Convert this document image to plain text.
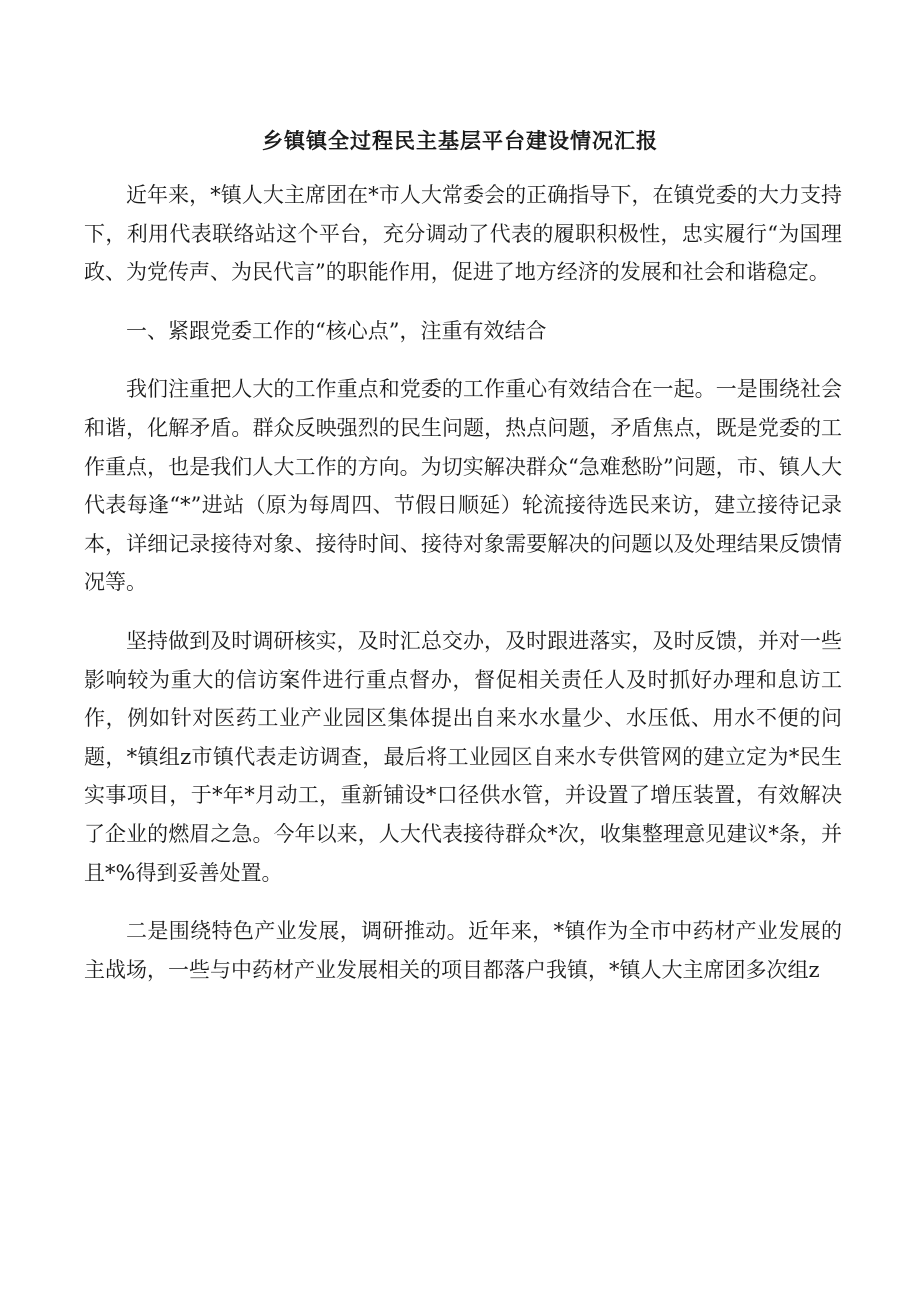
乡镇镇全过程民主基层平台建设情况汇报

近年来，*镇人大主席团在*市人大常委会的正确指导下，在镇党委的大力支持下，利用代表联络站这个平台，充分调动了代表的履职积极性，忠实履行“为国理政、为党传声、为民代言”的职能作用，促进了地方经济的发展和社会和谐稳定。

一、紧跟党委工作的“核心点”，注重有效结合

我们注重把人大的工作重点和党委的工作重心有效结合在一起。一是围绕社会和谐，化解矛盾。群众反映强烈的民生问题，热点问题，矛盾焦点，既是党委的工作重点，也是我们人大工作的方向。为切实解决群众“急难愁盼”问题，市、镇人大代表每逢“*”进站（原为每周四、节假日顺延）轮流接待选民来访，建立接待记录本，详细记录接待对象、接待时间、接待对象需要解决的问题以及处理结果反馈情况等。

坚持做到及时调研核实，及时汇总交办，及时跟进落实，及时反馈，并对一些影响较为重大的信访案件进行重点督办，督促相关责任人及时抓好办理和息访工作，例如针对医药工业产业园区集体提出自来水水量少、水压低、用水不便的问题，*镇组z市镇代表走访调查，最后将工业园区自来水专供管网的建立定为*民生实事项目，于*年*月动工，重新铺设*口径供水管，并设置了增压装置，有效解决了企业的燃眉之急。今年以来，人大代表接待群众*次，收集整理意见建议*条，并且*%得到妥善处置。

二是围绕特色产业发展，调研推动。近年来，*镇作为全市中药材产业发展的主战场，一些与中药材产业发展相关的项目都落户我镇，*镇人大主席团多次组z
